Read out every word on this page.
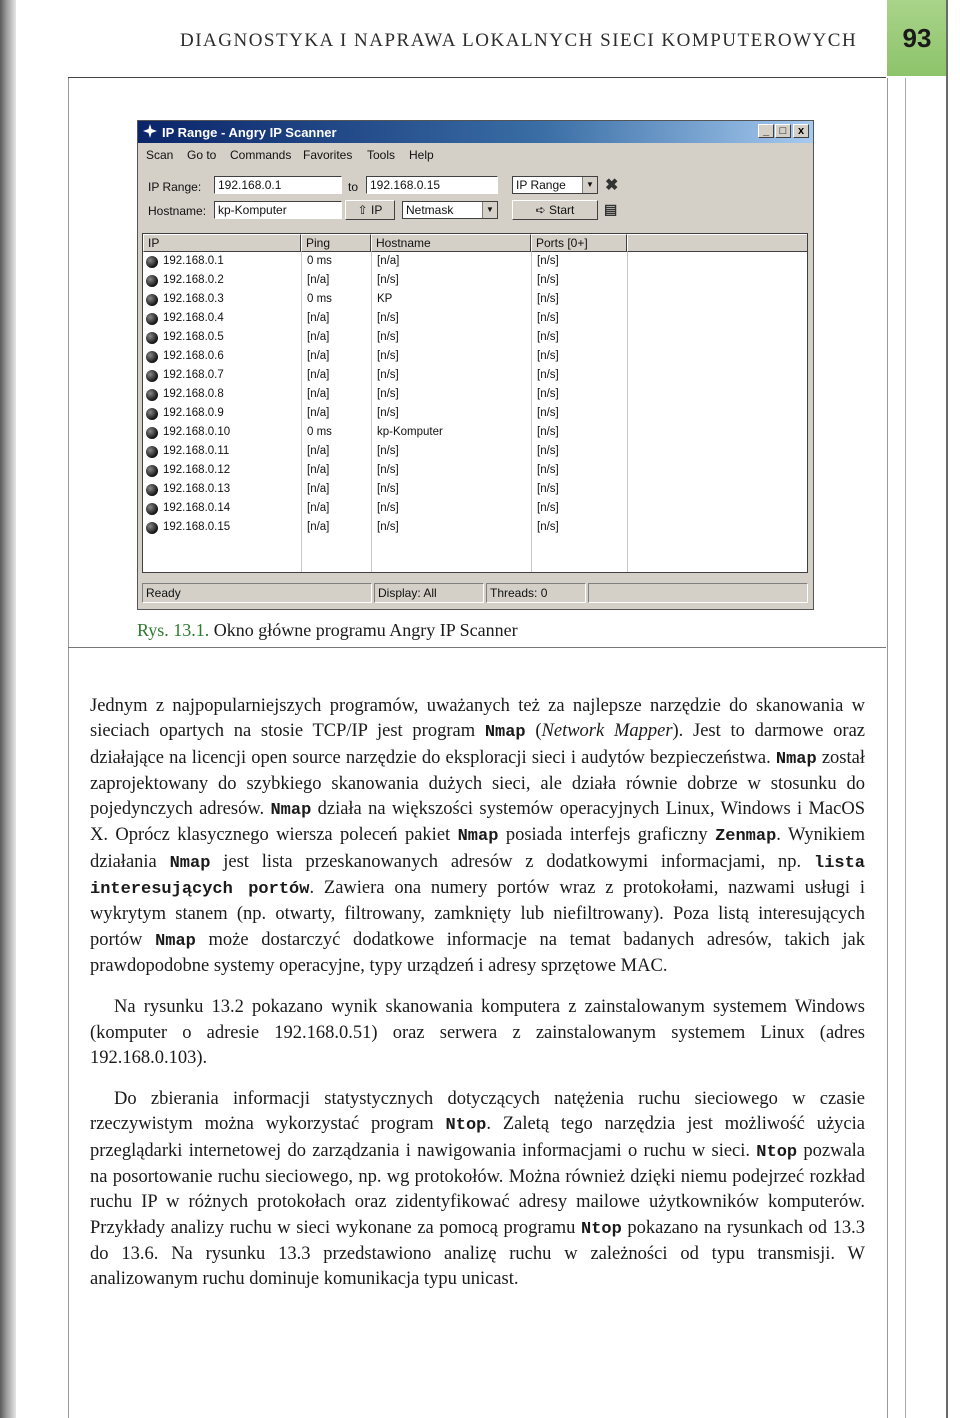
DIAGNOSTYKA I NAPRAWA LOKALNYCH SIECI KOMPUTEROWYCH	93
IP Range - Angry IP Scanner	_ □	x
Scan Go to Commands Favorites Tools Help
IP Range:	192.168.0.1	to 192.168.0.15	IP Range	▼ ✖
Hostname: kp-Komputer	⇧ IP	Netmask	▼	➪ Start	▤
IP	Ping	Hostname	Ports [0+]
192.168.0.1	0 ms	[n/a]	[n/s]
192.168.0.2	[n/a]	[n/s]	[n/s]
192.168.0.3	0 ms	KP	[n/s]
192.168.0.4	[n/a]	[n/s]	[n/s]
192.168.0.5	[n/a]	[n/s]	[n/s]
192.168.0.6	[n/a]	[n/s]	[n/s]
192.168.0.7	[n/a]	[n/s]	[n/s]
192.168.0.8	[n/a]	[n/s]	[n/s]
192.168.0.9	[n/a]	[n/s]	[n/s]
192.168.0.10	0 ms	kp-Komputer	[n/s]
192.168.0.11	[n/a]	[n/s]	[n/s]
192.168.0.12	[n/a]	[n/s]	[n/s]
192.168.0.13	[n/a]	[n/s]	[n/s]
192.168.0.14	[n/a]	[n/s]	[n/s]
192.168.0.15	[n/a]	[n/s]	[n/s]
Ready	Display: All	Threads: 0
Rys. 13.1. Okno główne programu Angry IP Scanner

Jednym z najpopularniejszych programów, uważanych też za najlepsze narzędzie do skanowania w sieciach opartych na stosie TCP/IP jest program Nmap (Network Mapper). Jest to darmowe oraz działające na licencji open source narzędzie do eksploracji sieci i audytów bezpieczeństwa. Nmap został zaprojektowany do szybkiego skanowania dużych sieci, ale działa równie dobrze w stosunku do pojedynczych adresów. Nmap działa na większości systemów operacyjnych Linux, Windows i MacOS X. Oprócz klasycznego wiersza poleceń pakiet Nmap posiada interfejs graficzny Zenmap. Wynikiem działania Nmap jest lista przeskanowanych adresów z dodatkowymi informacjami, np. lista interesujących portów. Zawiera ona numery portów wraz z protokołami, nazwami usługi i wykrytym stanem (np. otwarty, filtrowany, zamknięty lub niefiltrowany). Poza listą interesujących portów Nmap może dostarczyć dodatkowe informacje na temat badanych adresów, takich jak prawdopodobne systemy operacyjne, typy urządzeń i adresy sprzętowe MAC.

Na rysunku 13.2 pokazano wynik skanowania komputera z zainstalowanym systemem Windows (komputer o adresie 192.168.0.51) oraz serwera z zainstalowanym systemem Linux (adres 192.168.0.103).

Do zbierania informacji statystycznych dotyczących natężenia ruchu sieciowego w czasie rzeczywistym można wykorzystać program Ntop. Zaletą tego narzędzia jest możliwość użycia przeglądarki internetowej do zarządzania i nawigowania informacjami o ruchu w sieci. Ntop pozwala na posortowanie ruchu sieciowego, np. wg protokołów. Można również dzięki niemu podejrzeć rozkład ruchu IP w różnych protokołach oraz zidentyfikować adresy mailowe użytkowników komputerów. Przykłady analizy ruchu w sieci wykonane za pomocą programu Ntop pokazano na rysunkach od 13.3 do 13.6. Na rysunku 13.3 przedstawiono analizę ruchu w zależności od typu transmisji. W analizowanym ruchu dominuje komunikacja typu unicast.
